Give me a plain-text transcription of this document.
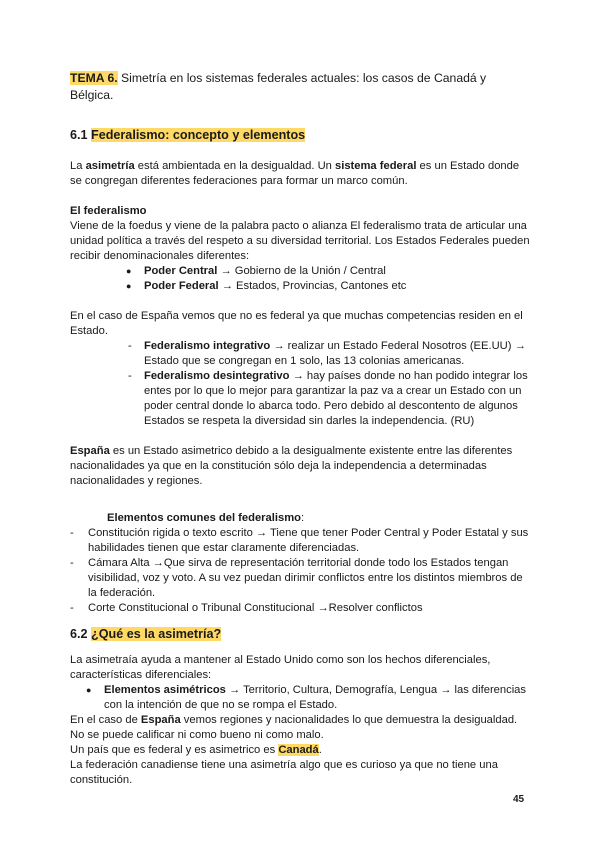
TEMA 6. Simetría en los sistemas federales actuales: los casos de Canadá y Bélgica.

6.1 Federalismo: concepto y elementos

La asimetría está ambientada en la desigualdad. Un sistema federal es un Estado donde se congregan diferentes federaciones para formar un marco común.

El federalismo

Viene de la foedus y viene de la palabra pacto o alianza El federalismo trata de articular una unidad política a través del respeto a su diversidad territorial. Los Estados Federales pueden recibir denominacionales diferentes:

● Poder Central → Gobierno de la Unión / Central
● Poder Federal → Estados, Provincias, Cantones etc

En el caso de España vemos que no es federal ya que muchas competencias residen en el Estado.

- Federalismo integrativo → realizar un Estado Federal Nosotros (EE.UU) → Estado que se congregan en 1 solo, las 13 colonias americanas.
- Federalismo desintegrativo → hay países donde no han podido integrar los entes por lo que lo mejor para garantizar la paz va a crear un Estado con un poder central donde lo abarca todo. Pero debido al descontento de algunos Estados se respeta la diversidad sin darles la independencia. (RU)

España es un Estado asimetrico debido a la desigualmente existente entre las diferentes nacionalidades ya que en la constitución sólo deja la independencia a determinadas nacionalidades y regiones.

Elementos comunes del federalismo:

- Constitución rigida o texto escrito → Tiene que tener Poder Central y Poder Estatal y sus habilidades tienen que estar claramente diferenciadas.
- Cámara Alta →Que sirva de representación territorial donde todo los Estados tengan visibilidad, voz y voto. A su vez puedan dirimir conflictos entre los distintos miembros de la federación.
- Corte Constitucional o Tribunal Constitucional →Resolver conflictos
6.2 ¿Qué es la asimetría?

La asimetraía ayuda a mantener al Estado Unido como son los hechos diferenciales, características diferenciales:

● Elementos asimétricos → Territorio, Cultura, Demografía, Lengua → las diferencias con la intención de que no se rompa el Estado.

En el caso de España vemos regiones y nacionalidades lo que demuestra la desigualdad.

No se puede calificar ni como bueno ni como malo.

Un país que es federal y es asimetrico es Canadá.

La federación canadiense tiene una asimetría algo que es curioso ya que no tiene una constitución.

45
